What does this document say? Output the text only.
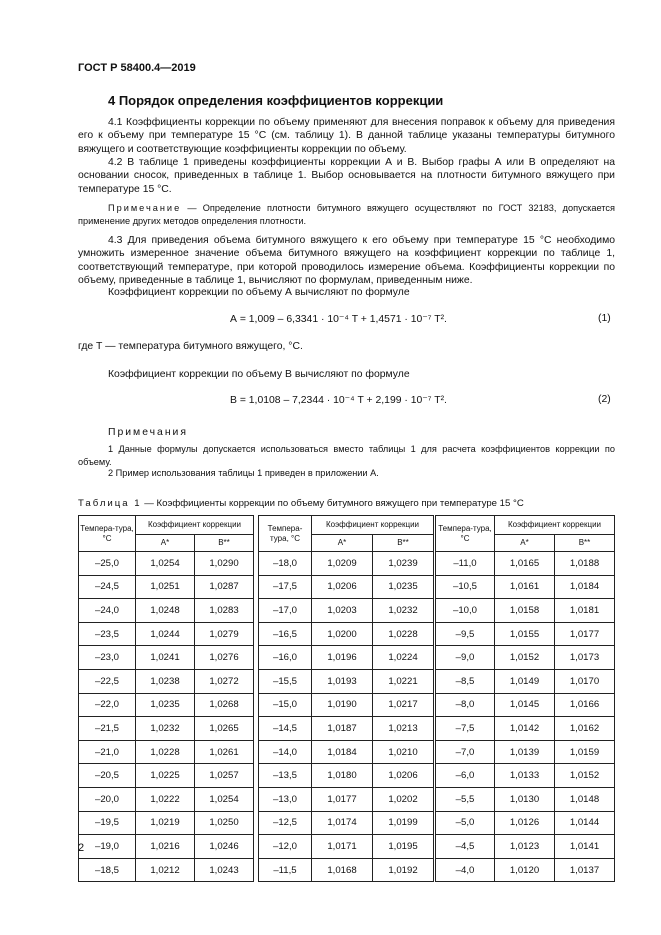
ГОСТ Р 58400.4—2019
4 Порядок определения коэффициентов коррекции

4.1 Коэффициенты коррекции по объему применяют для внесения поправок к объему для приведения его к объему при температуре 15 °С (см. таблицу 1). В данной таблице указаны температуры битумного вяжущего и соответствующие коэффициенты коррекции по объему.

4.2 В таблице 1 приведены коэффициенты коррекции А и В. Выбор графы А или В определяют на основании сносок, приведенных в таблице 1. Выбор основывается на плотности битумного вяжущего при температуре 15 °С.

Примечание — Определение плотности битумного вяжущего осуществляют по ГОСТ 32183, допускается применение других методов определения плотности.

4.3 Для приведения объема битумного вяжущего к его объему при температуре 15 °С необходимо умножить измеренное значение объема битумного вяжущего на коэффициент коррекции по таблице 1, соответствующий температуре, при которой проводилось измерение объема. Коэффициенты коррекции по объему, приведенные в таблице 1, вычисляют по формулам, приведенным ниже.

Коэффициент коррекции по объему А вычисляют по формуле
А = 1,009 – 6,3341 · 10⁻⁴ T + 1,4571 · 10⁻⁷ T².	(1)
где T — температура битумного вяжущего, °С.
Коэффициент коррекции по объему В вычисляют по формуле
В = 1,0108 – 7,2344 · 10⁻⁴ T + 2,199 · 10⁻⁷ T².	(2)
Примечания

1 Данные формулы допускается использоваться вместо таблицы 1 для расчета коэффициентов коррекции по объему.

2 Пример использования таблицы 1 приведен в приложении А.

Таблица 1 — Коэффициенты коррекции по объему битумного вяжущего при температуре 15 °С
Темпера-тура, °С	Коэффициент коррекции	
	А*	В**
–25,0	1,0254	1,0290
–24,5	1,0251	1,0287
–24,0	1,0248	1,0283
–23,5	1,0244	1,0279
–23,0	1,0241	1,0276
–22,5	1,0238	1,0272
–22,0	1,0235	1,0268
–21,5	1,0232	1,0265
–21,0	1,0228	1,0261
–20,5	1,0225	1,0257
–20,0	1,0222	1,0254
–19,5	1,0219	1,0250
–19,0	1,0216	1,0246
–18,5	1,0212	1,0243
Темпера-тура, °С	Коэффициент коррекции	
	А*	В**
–18,0	1,0209	1,0239
–17,5	1,0206	1,0235
–17,0	1,0203	1,0232
–16,5	1,0200	1,0228
–16,0	1,0196	1,0224
–15,5	1,0193	1,0221
–15,0	1,0190	1,0217
–14,5	1,0187	1,0213
–14,0	1,0184	1,0210
–13,5	1,0180	1,0206
–13,0	1,0177	1,0202
–12,5	1,0174	1,0199
–12,0	1,0171	1,0195
–11,5	1,0168	1,0192
Темпера-тура, °С	Коэффициент коррекции	
	А*	В**
–11,0	1,0165	1,0188
–10,5	1,0161	1,0184
–10,0	1,0158	1,0181
–9,5	1,0155	1,0177
–9,0	1,0152	1,0173
–8,5	1,0149	1,0170
–8,0	1,0145	1,0166
–7,5	1,0142	1,0162
–7,0	1,0139	1,0159
–6,0	1,0133	1,0152
–5,5	1,0130	1,0148
–5,0	1,0126	1,0144
–4,5	1,0123	1,0141
–4,0	1,0120	1,0137
2
